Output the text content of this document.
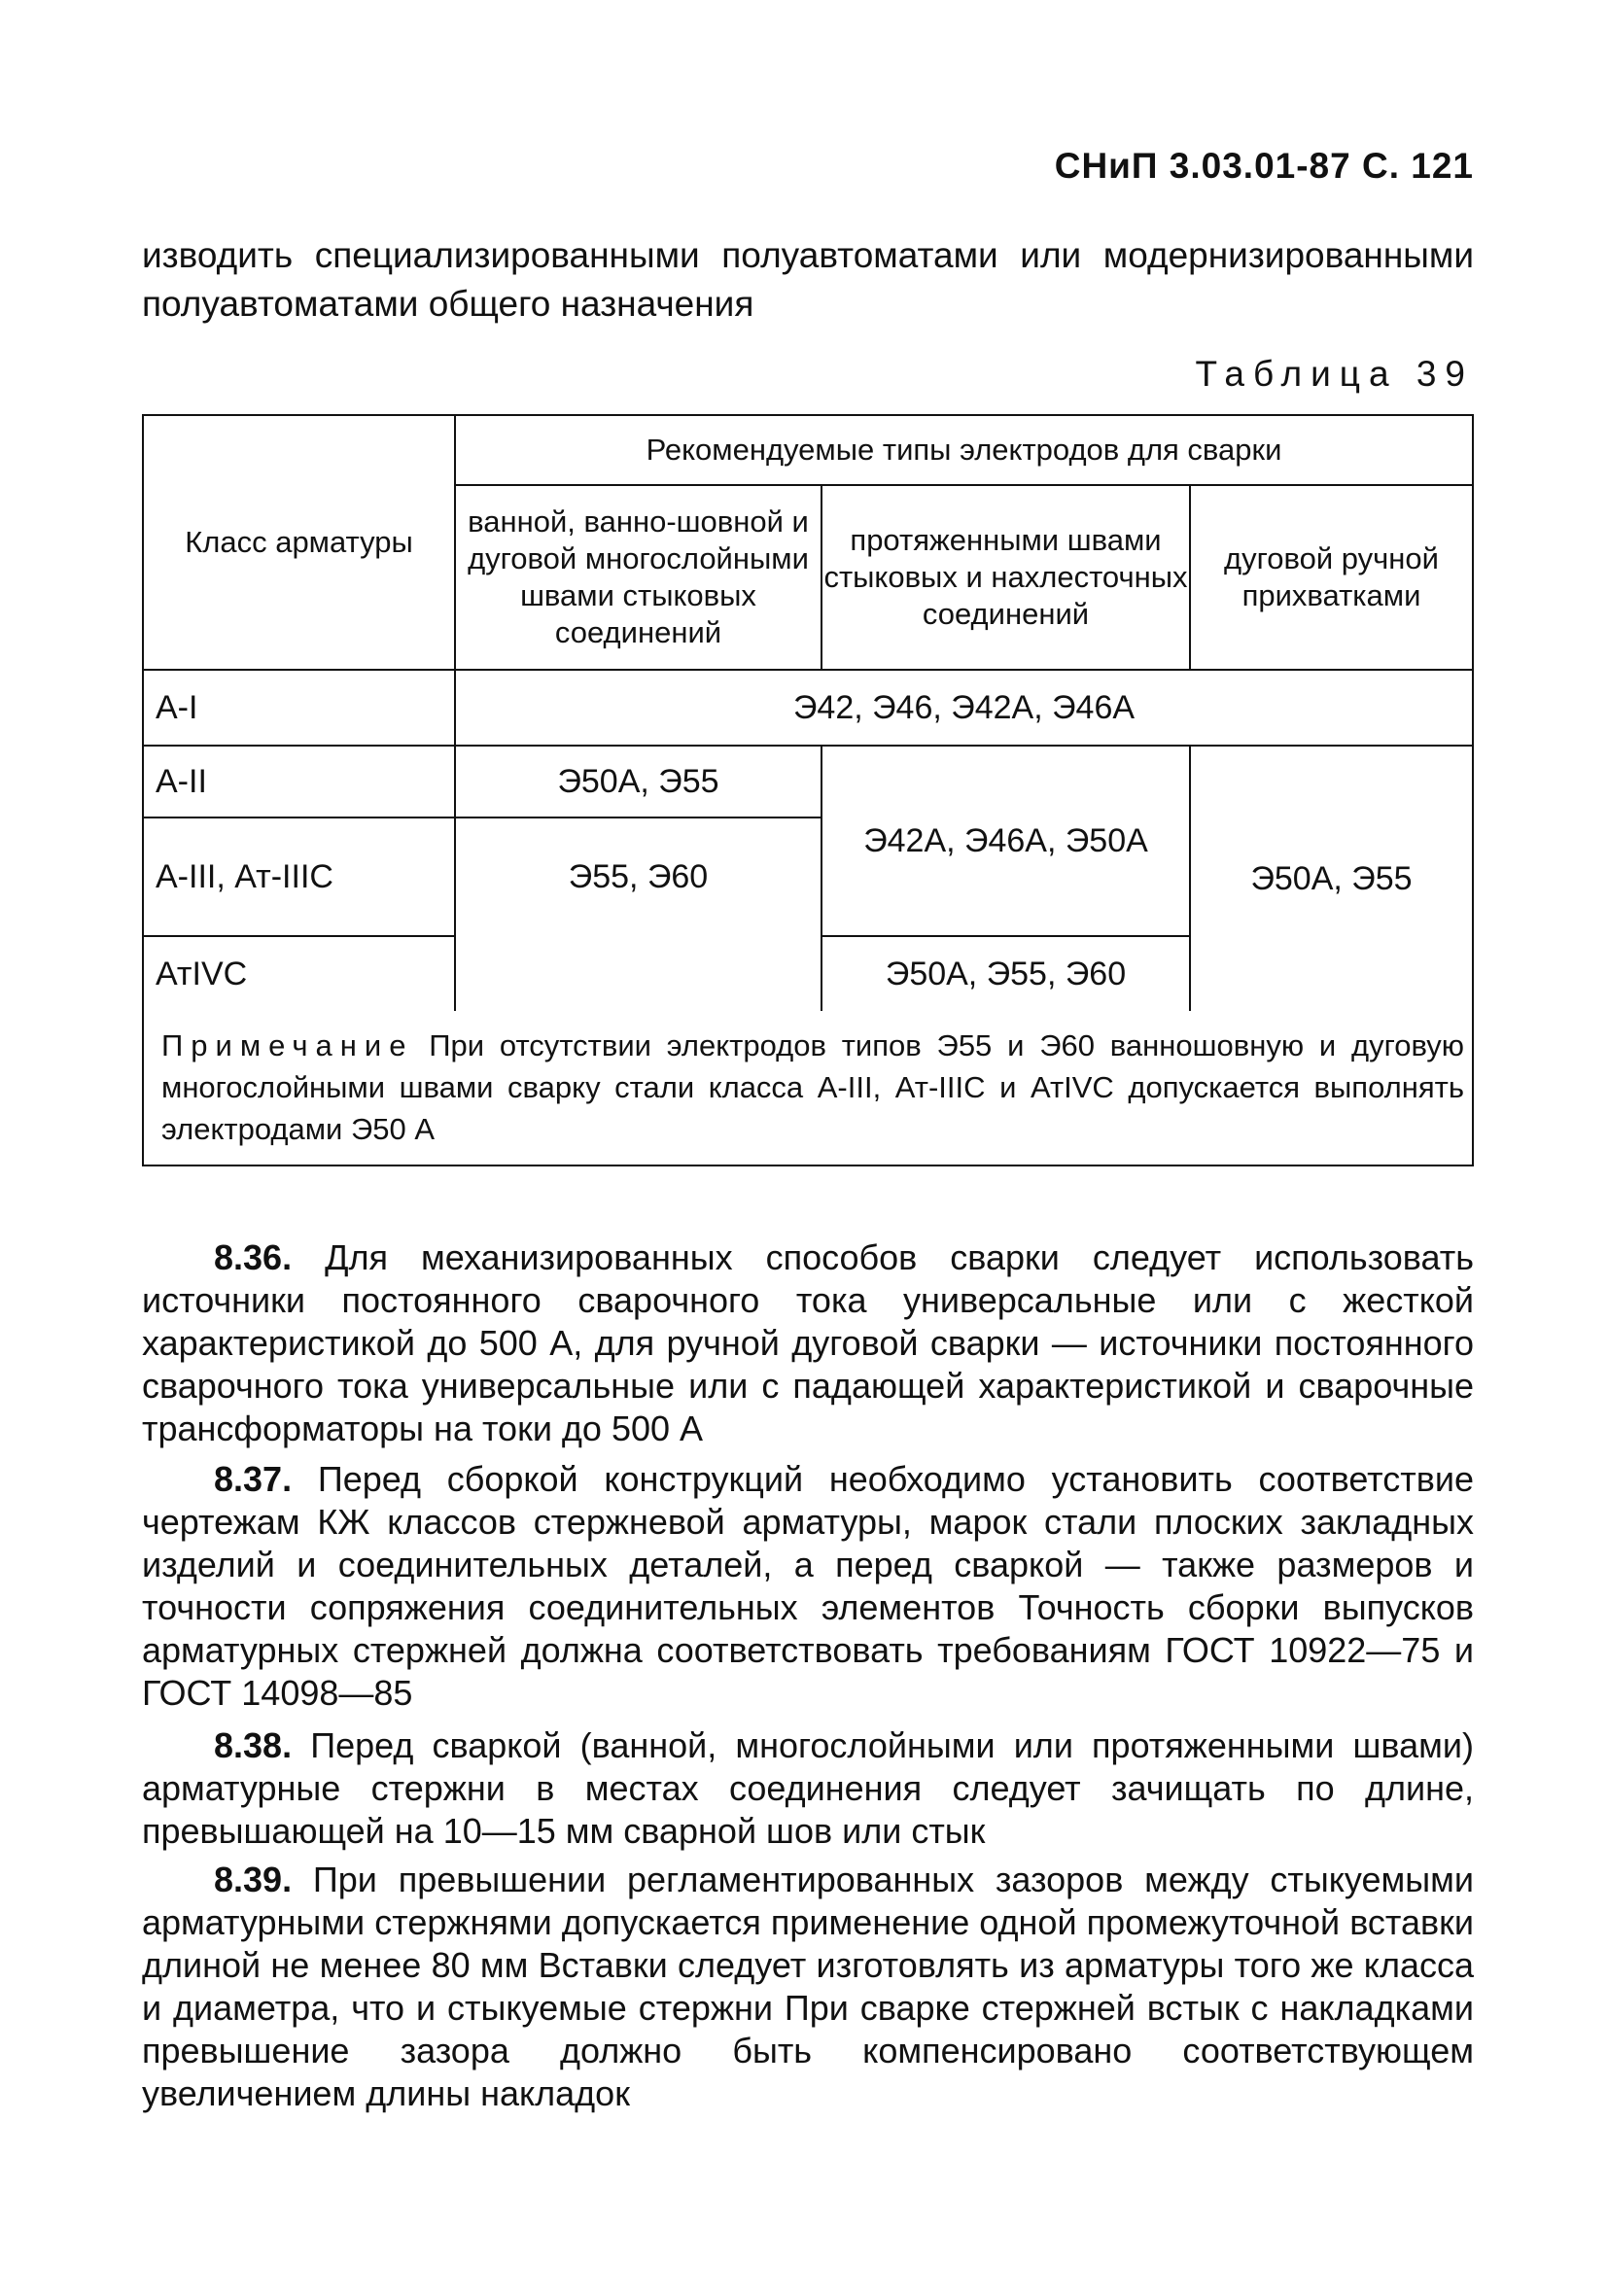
СНиП 3.03.01-87 С. 121
изводить специализированными полуавтоматами или модернизированными полуавтоматами общего назначения
Таблица 39
Класс арматуры
Рекомендуемые типы электродов для сварки
ванной, ванно-шовной и дуговой многослойными швами стыковых соединений
протяженными швами стыковых и нахлесточных соединений
дуговой ручной прихватками
А-I
А-II
А-III, Ат-IIIС
АтIVС
Э42, Э46, Э42А, Э46А
Э50А, Э55
Э55, Э60
Э42А, Э46А, Э50А
Э50А, Э55
Э50А, Э55, Э60
Примечание При отсутствии электродов типов Э55 и Э60 ванношовную и дуговую многослойными швами сварку стали класса А-III, Ат-IIIС и АтIVС допускается выполнять электродами Э50 А
8.36. Для механизированных способов сварки следует использовать источники постоянного сварочного тока универсальные или с жесткой характеристикой до 500 А, для ручной дуговой сварки — источники постоянного сварочного тока универсальные или с падающей характеристикой и сварочные трансформаторы на токи до 500 А
8.37. Перед сборкой конструкций необходимо установить соответствие чертежам КЖ классов стержневой арматуры, марок стали плоских закладных изделий и соединительных деталей, а перед сваркой — также размеров и точности сопряжения соединительных элементов Точность сборки выпусков арматурных стержней должна соответствовать требованиям ГОСТ 10922—75 и ГОСТ 14098—85
8.38. Перед сваркой (ванной, многослойными или протяженными швами) арматурные стержни в местах соединения следует зачищать по длине, превышающей на 10—15 мм сварной шов или стык
8.39. При превышении регламентированных зазоров между стыкуемыми арматурными стержнями допускается применение одной промежуточной вставки длиной не менее 80 мм Вставки следует изготовлять из арматуры того же класса и диаметра, что и стыкуемые стержни При сварке стержней встык с накладками превышение зазора должно быть компенсировано соответствующем увеличением длины накладок
